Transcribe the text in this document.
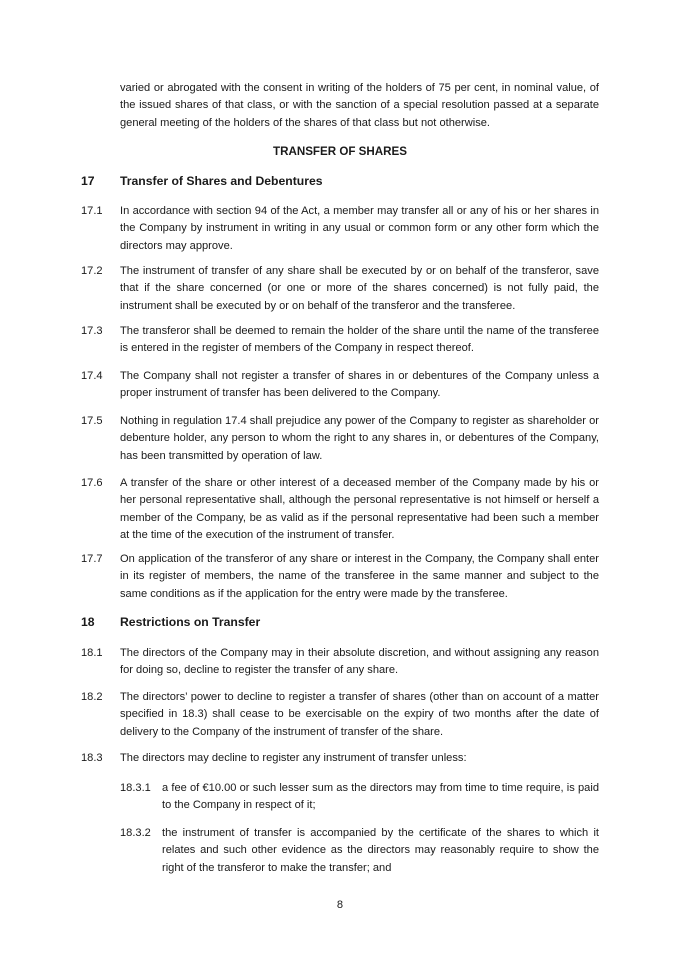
varied or abrogated with the consent in writing of the holders of 75 per cent, in nominal value, of the issued shares of that class, or with the sanction of a special resolution passed at a separate general meeting of the holders of the shares of that class but not otherwise.
TRANSFER OF SHARES
17 Transfer of Shares and Debentures
17.1 In accordance with section 94 of the Act, a member may transfer all or any of his or her shares in the Company by instrument in writing in any usual or common form or any other form which the directors may approve.
17.2 The instrument of transfer of any share shall be executed by or on behalf of the transferor, save that if the share concerned (or one or more of the shares concerned) is not fully paid, the instrument shall be executed by or on behalf of the transferor and the transferee.
17.3 The transferor shall be deemed to remain the holder of the share until the name of the transferee is entered in the register of members of the Company in respect thereof.
17.4 The Company shall not register a transfer of shares in or debentures of the Company unless a proper instrument of transfer has been delivered to the Company.
17.5 Nothing in regulation 17.4 shall prejudice any power of the Company to register as shareholder or debenture holder, any person to whom the right to any shares in, or debentures of the Company, has been transmitted by operation of law.
17.6 A transfer of the share or other interest of a deceased member of the Company made by his or her personal representative shall, although the personal representative is not himself or herself a member of the Company, be as valid as if the personal representative had been such a member at the time of the execution of the instrument of transfer.
17.7 On application of the transferor of any share or interest in the Company, the Company shall enter in its register of members, the name of the transferee in the same manner and subject to the same conditions as if the application for the entry were made by the transferee.
18 Restrictions on Transfer
18.1 The directors of the Company may in their absolute discretion, and without assigning any reason for doing so, decline to register the transfer of any share.
18.2 The directors’ power to decline to register a transfer of shares (other than on account of a matter specified in 18.3) shall cease to be exercisable on the expiry of two months after the date of delivery to the Company of the instrument of transfer of the share.
18.3 The directors may decline to register any instrument of transfer unless:
18.3.1 a fee of €10.00 or such lesser sum as the directors may from time to time require, is paid to the Company in respect of it;
18.3.2 the instrument of transfer is accompanied by the certificate of the shares to which it relates and such other evidence as the directors may reasonably require to show the right of the transferor to make the transfer; and
8
